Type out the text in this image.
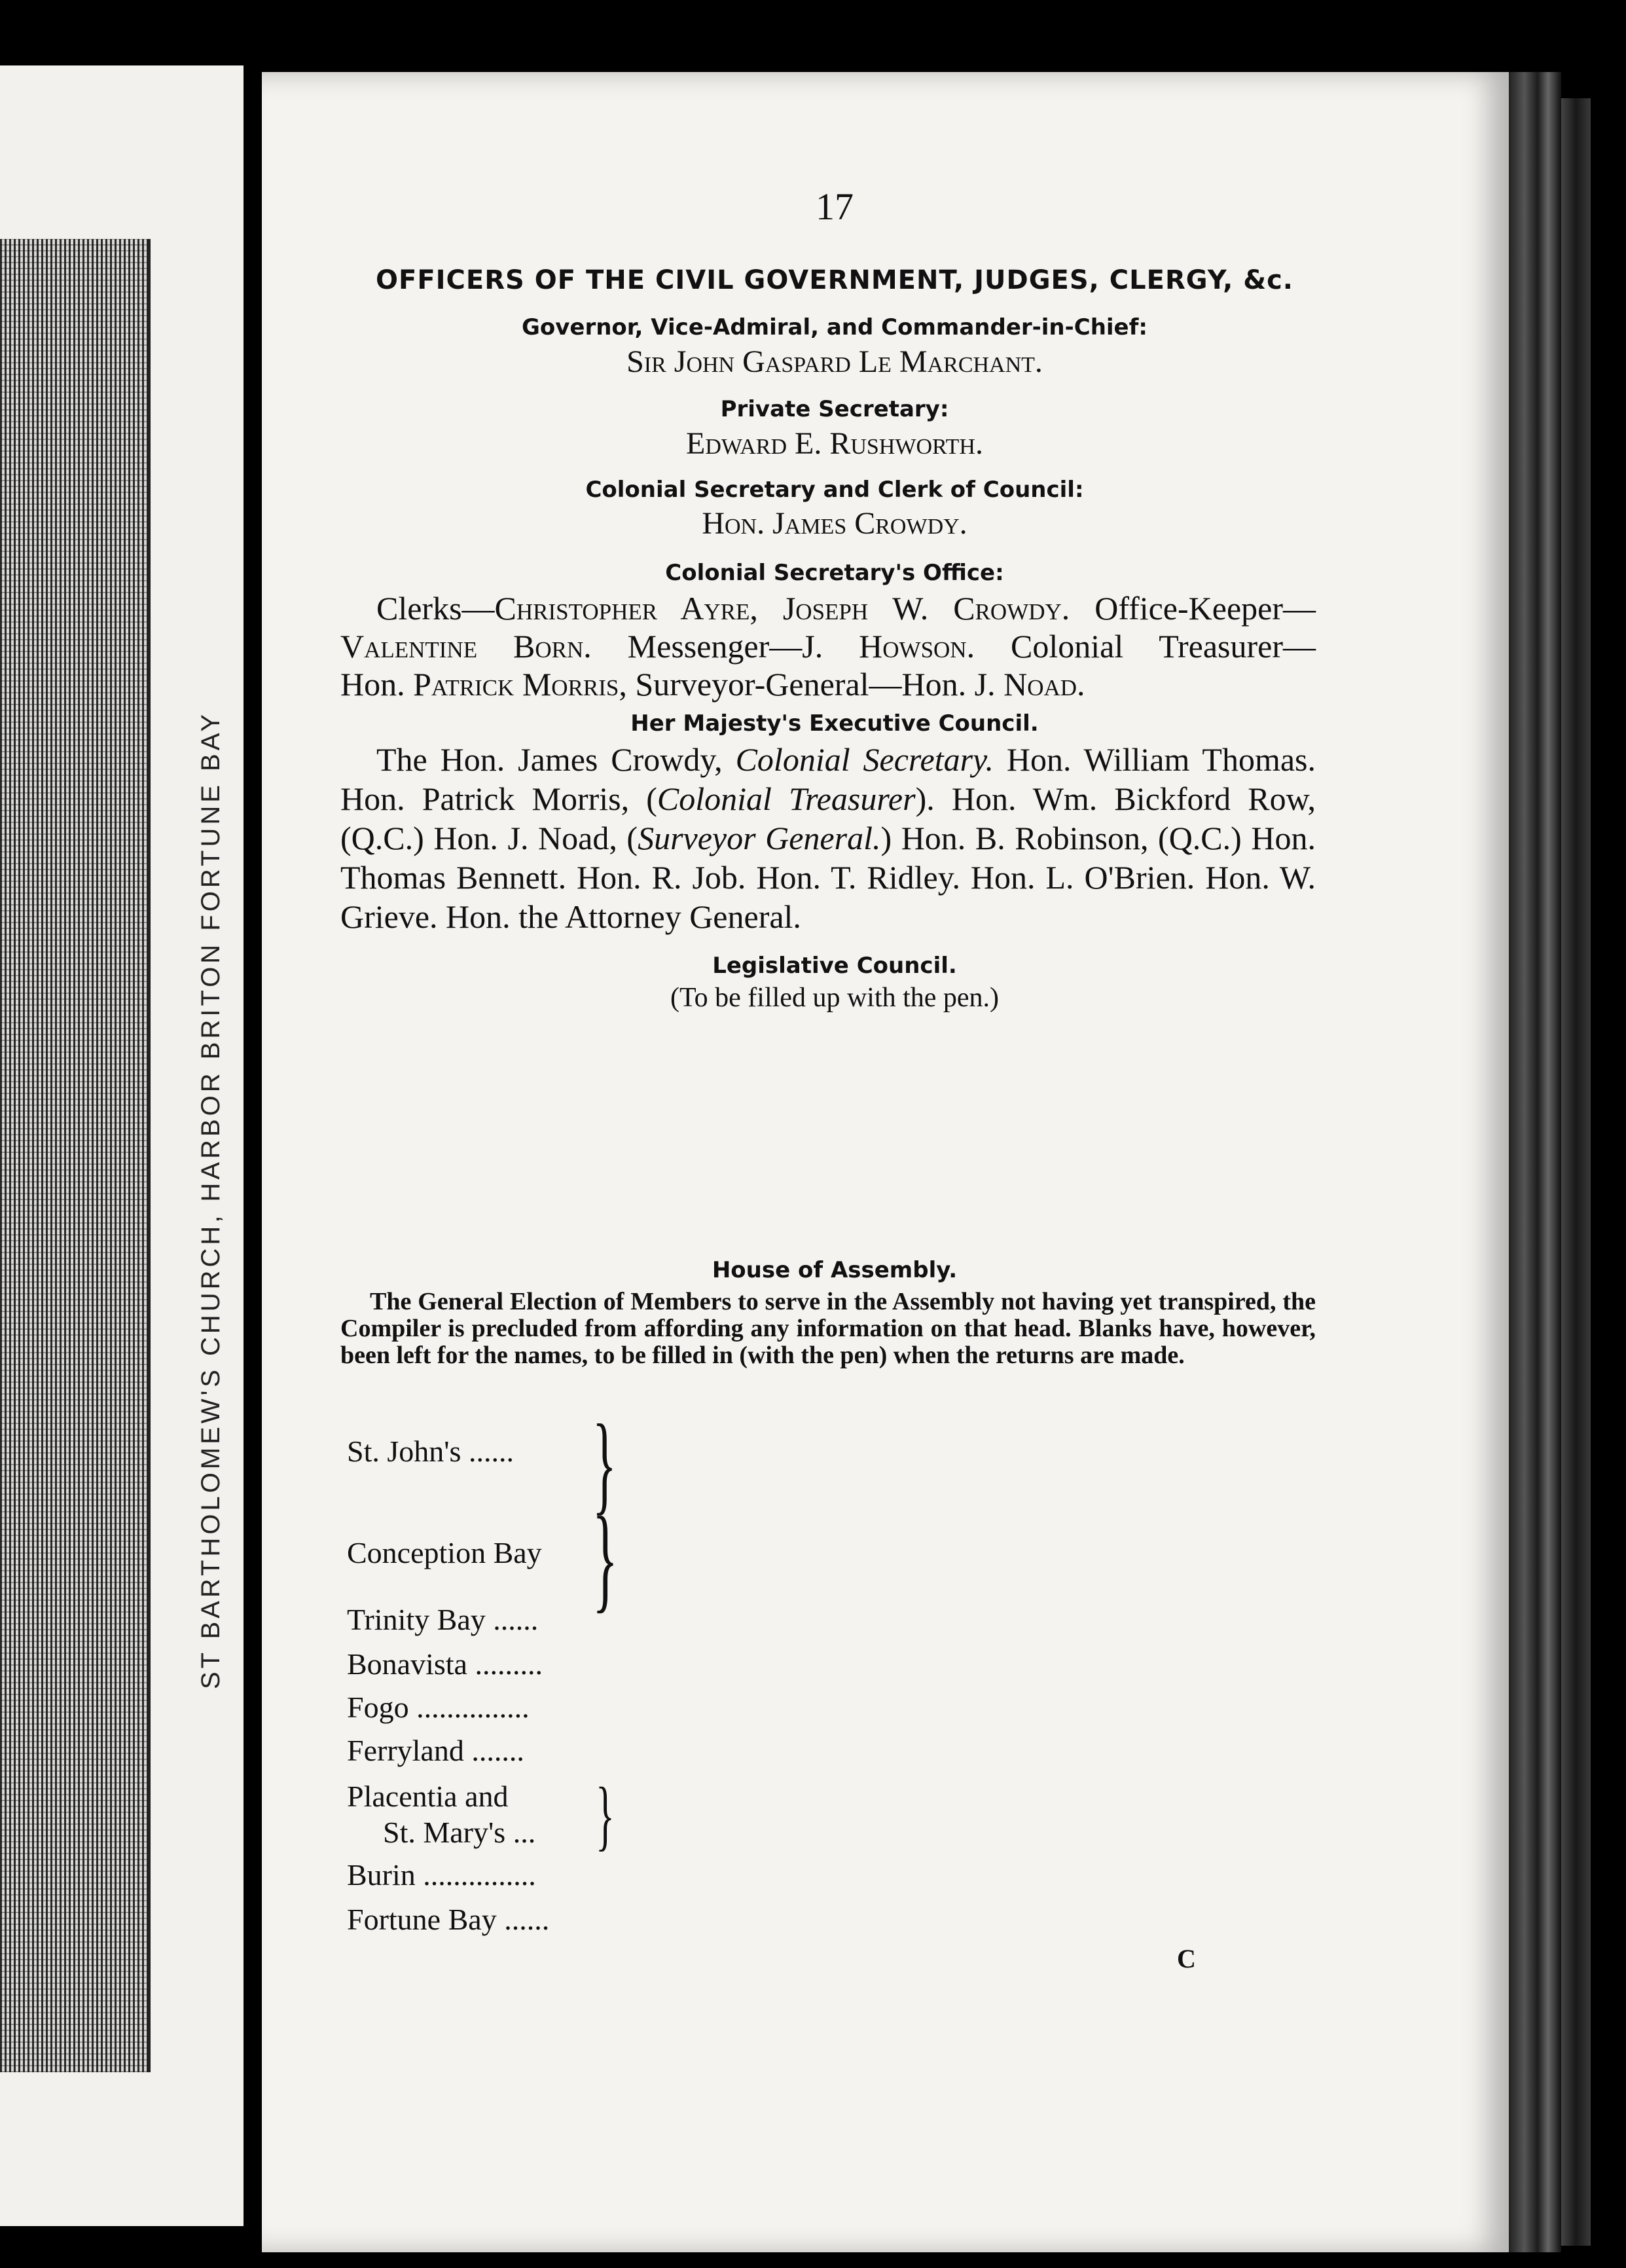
ST BARTHOLOMEW'S CHURCH, HARBOR BRITON FORTUNE BAY
17
OFFICERS OF THE CIVIL GOVERNMENT, JUDGES, CLERGY, &c.
Governor, Vice-Admiral, and Commander-in-Chief:
Sir John Gaspard Le Marchant.
Private Secretary:
Edward E. Rushworth.
Colonial Secretary and Clerk of Council:
Hon. James Crowdy.
Colonial Secretary's Office:
Clerks—Christopher Ayre, Joseph W. Crowdy. Office-Keeper—
Valentine Born. Messenger—J. Howson. Colonial Treasurer—
Hon. Patrick Morris, Surveyor-General—Hon. J. Noad.
Her Majesty's Executive Council.

The Hon. James Crowdy, Colonial Secretary. Hon. William Thomas. Hon. Patrick Morris, (Colonial Treasurer). Hon. Wm. Bickford Row, (Q.C.) Hon. J. Noad, (Surveyor General.) Hon. B. Robinson, (Q.C.) Hon. Thomas Bennett. Hon. R. Job. Hon. T. Ridley. Hon. L. O'Brien. Hon. W. Grieve. Hon. the Attorney General.

Legislative Council.
(To be filled up with the pen.)
House of Assembly.

The General Election of Members to serve in the Assembly not having yet transpired, the Compiler is precluded from affording any information on that head. Blanks have, however, been left for the names, to be filled in (with the pen) when the returns are made.

St. John's ...... }
Conception Bay }
Trinity Bay ......
Bonavista .........
Fogo ...............
Ferryland .......
Placentia and
St. Mary's ... }
Burin ...............
Fortune Bay ......
C
